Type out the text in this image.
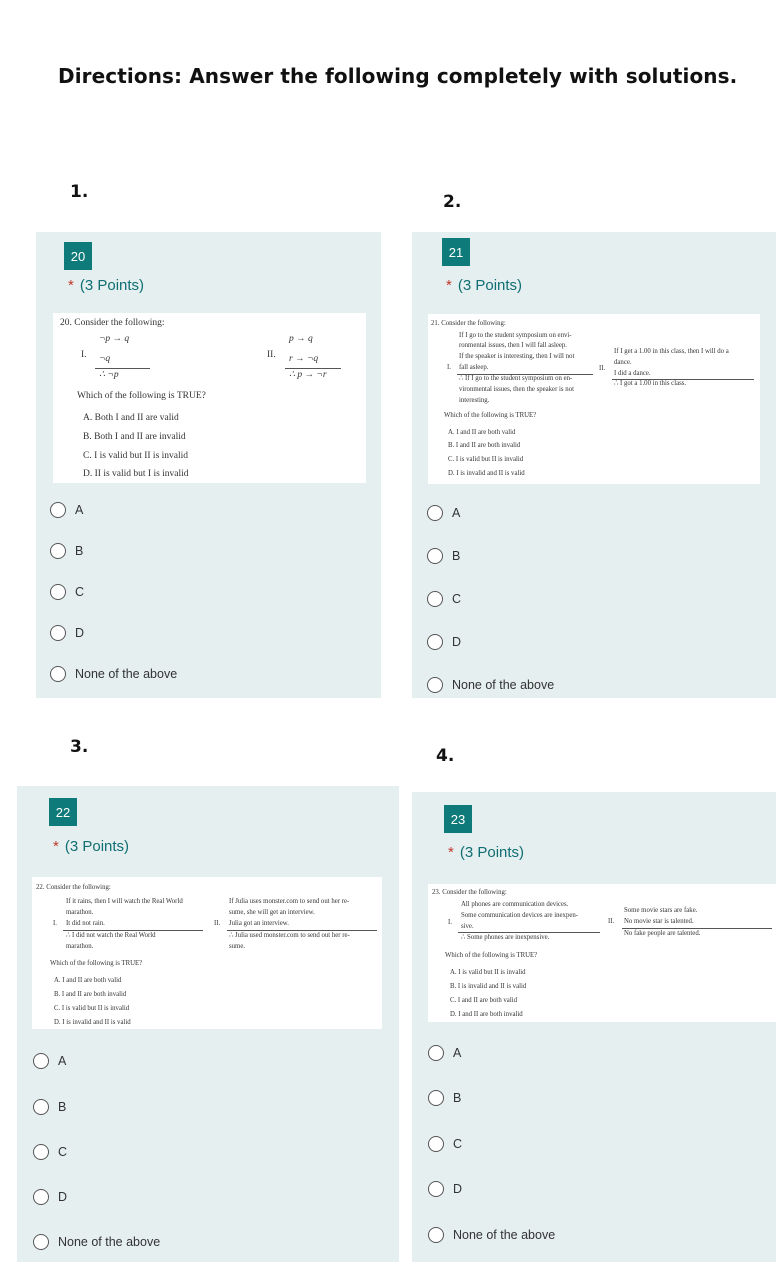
Directions: Answer the following completely with solutions.
1.
20
* (3 Points)
20. Consider the following:
¬p → q
I. ¬q
∴ ¬p
p → q
II. r → ¬q
∴ p → ¬r
Which of the following is TRUE?
A. Both I and II are valid
B. Both I and II are invalid
C. I is valid but II is invalid
D. II is valid but I is invalid
A
B
C
D
None of the above
2.
21
* (3 Points)
21. Consider the following:
If I go to the student symposium on envi-
ronmental issues, then I will fall asleep.
If the speaker is interesting, then I will not
I. fall asleep.
∴ If I go to the student symposium on en-
vironmental issues, then the speaker is not
interesting.
II.
If I get a 1.00 in this class, then I will do a
dance.
I did a dance.
∴ I got a 1.00 in this class.
Which of the following is TRUE?
A. I and II are both valid
B. I and II are both invalid
C. I is valid but II is invalid
D. I is invalid and II is valid
A
B
C
D
None of the above
3.
22
* (3 Points)
22. Consider the following:
If it rains, then I will watch the Real World
marathon.
I. It did not rain.
∴ I did not watch the Real World
marathon.
If Julia uses monster.com to send out her re-
sume, she will get an interview.
II. Julia got an interview.
∴ Julia used monster.com to send out her re-
sume.
Which of the following is TRUE?
A. I and II are both valid
B. I and II are both invalid
C. I is valid but II is invalid
D. I is invalid and II is valid
A
B
C
D
None of the above
4.
23
* (3 Points)
23. Consider the following:
All phones are communication devices.
Some communication devices are inexpen-
I.
sive.
∴ Some phones are inexpensive.
II.
Some movie stars are fake.
No movie star is talented.
No fake people are talented.
Which of the following is TRUE?
A. I is valid but II is invalid
B. I is invalid and II is valid
C. I and II are both valid
D. I and II are both invalid
A
B
C
D
None of the above
